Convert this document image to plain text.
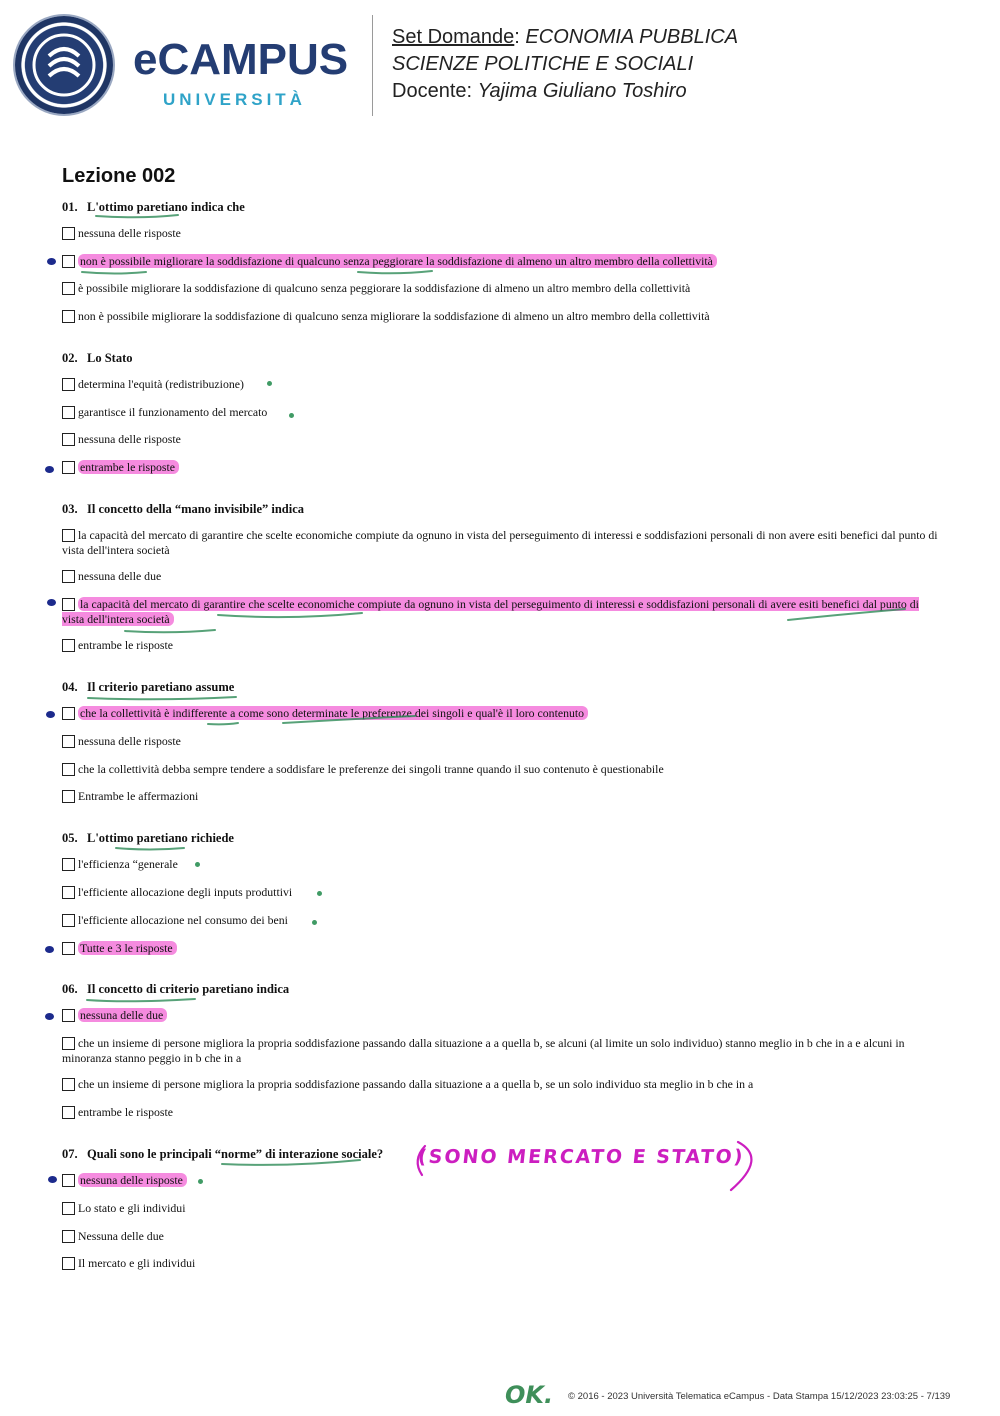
eCAMPUS
UNIVERSITÀ
Set Domande: ECONOMIA PUBBLICA
SCIENZE POLITICHE E SOCIALI
Docente: Yajima Giuliano Toshiro
Lezione 002
01. L'ottimo paretiano indica che
nessuna delle risposte
non è possibile migliorare la soddisfazione di qualcuno senza peggiorare la soddisfazione di almeno un altro membro della collettività
è possibile migliorare la soddisfazione di qualcuno senza peggiorare la soddisfazione di almeno un altro membro della collettività
non è possibile migliorare la soddisfazione di qualcuno senza migliorare la soddisfazione di almeno un altro membro della collettività
02. Lo Stato
determina l'equità (redistribuzione)
garantisce il funzionamento del mercato
nessuna delle risposte
entrambe le risposte
03. Il concetto della “mano invisibile” indica
la capacità del mercato di garantire che scelte economiche compiute da ognuno in vista del perseguimento di interessi e soddisfazioni personali di non avere esiti benefici dal punto di vista dell'intera società
nessuna delle due
la capacità del mercato di garantire che scelte economiche compiute da ognuno in vista del perseguimento di interessi e soddisfazioni personali di avere esiti benefici dal punto di vista dell'intera società
entrambe le risposte
04. Il criterio paretiano assume
che la collettività è indifferente a come sono determinate le preferenze dei singoli e qual'è il loro contenuto
nessuna delle risposte
che la collettività debba sempre tendere a soddisfare le preferenze dei singoli tranne quando il suo contenuto è questionabile
Entrambe le affermazioni
05. L'ottimo paretiano richiede
l'efficienza “generale
l'efficiente allocazione degli inputs produttivi
l'efficiente allocazione nel consumo dei beni
Tutte e 3 le risposte
06. Il concetto di criterio paretiano indica
nessuna delle due
che un insieme di persone migliora la propria soddisfazione passando dalla situazione a a quella b, se alcuni (al limite un solo individuo) stanno meglio in b che in a e alcuni in minoranza stanno peggio in b che in a
che un insieme di persone migliora la propria soddisfazione passando dalla situazione a a quella b, se un solo individuo sta meglio in b che in a
entrambe le risposte
07. Quali sono le principali “norme” di interazione sociale?
nessuna delle risposte
Lo stato e gli individui
Nessuna delle due
Il mercato e gli individui
(SONO MERCATO E STATO)
OK. © 2016 - 2023 Università Telematica eCampus - Data Stampa 15/12/2023 23:03:25 - 7/139
